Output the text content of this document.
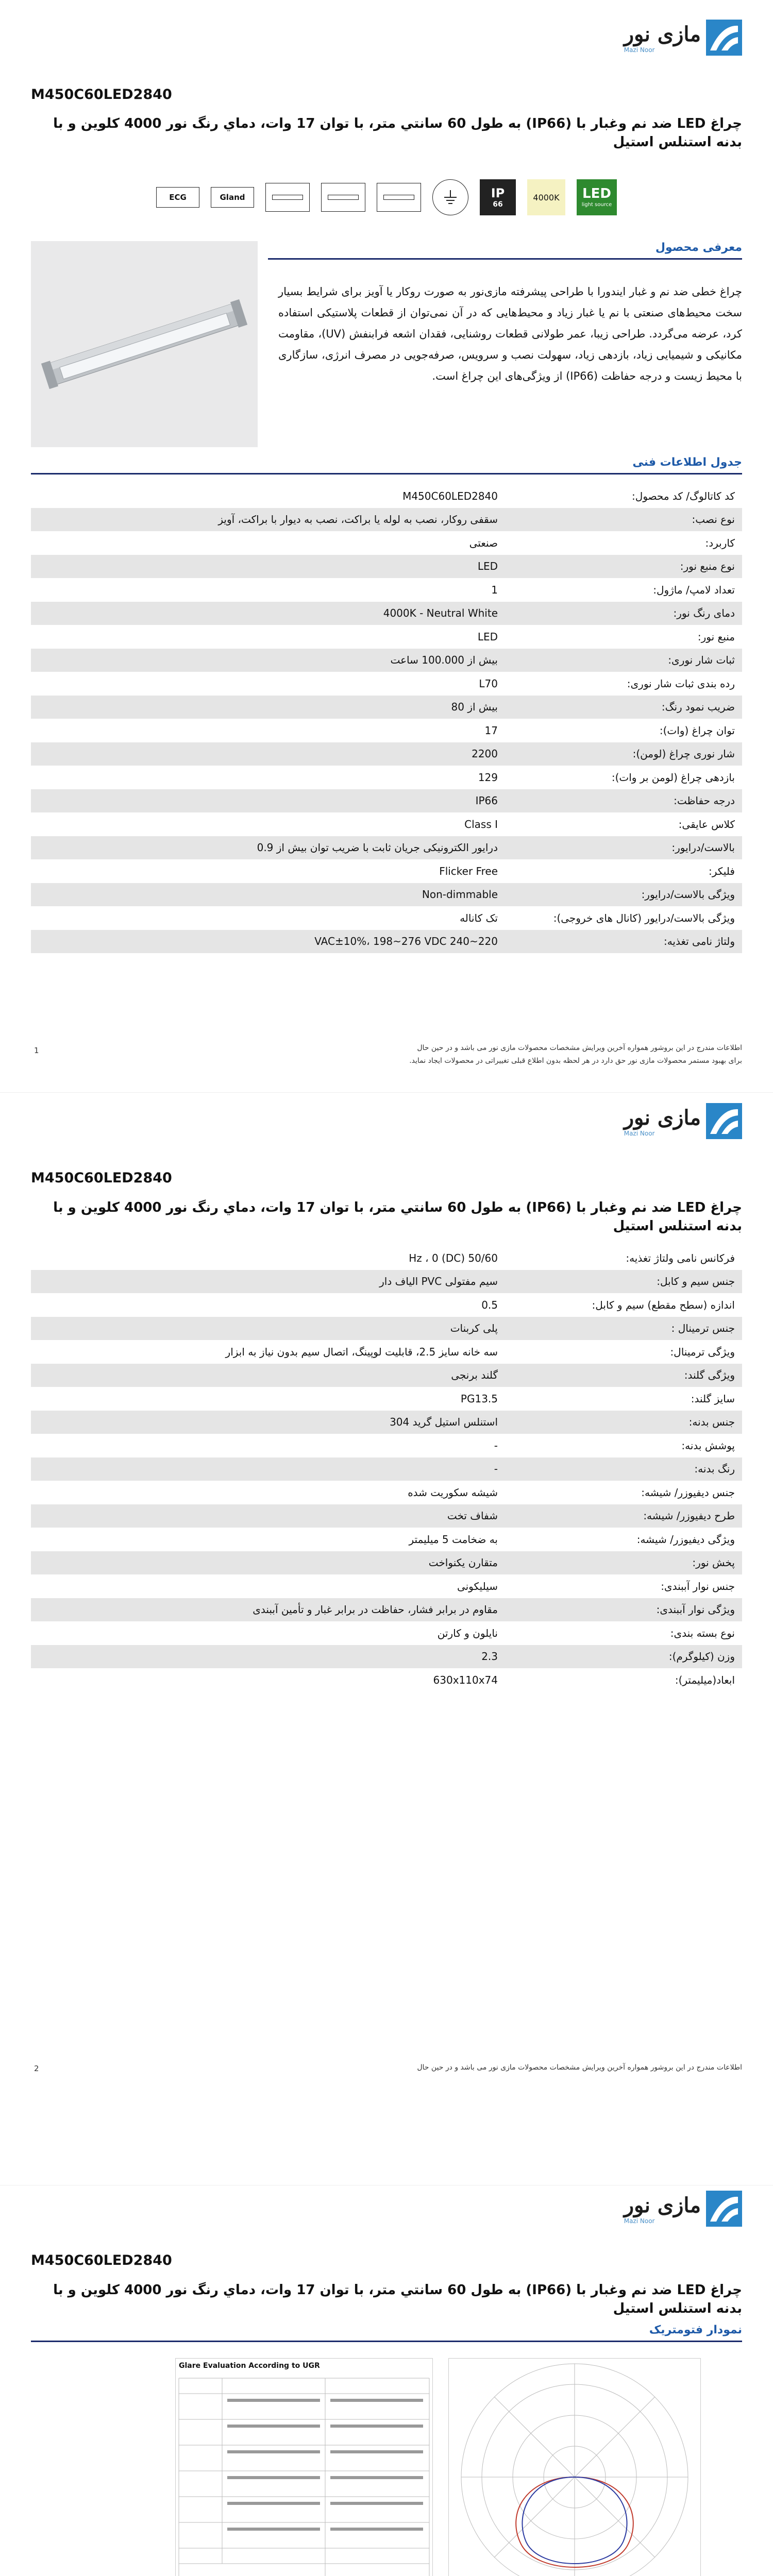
مازی نور
Mazi Noor
M450C60LED2840
چراغ LED ضد نم وغبار با (IP66) به طول 60 سانتي متر، با توان 17 وات، دماي رنگ نور 4000 کلوین و با بدنه استنلس استیل
ECG	Gland	IP
66
4000K LED
light source
معرفی محصول
چراغ خطی ضد نم و غبار ایندورا با طراحی پیشرفته مازی‌نور به صورت روکار یا آویز برای شرایط بسیار سخت محیط‌های صنعتی با نم یا غبار زیاد و محیط‌هایی که در آن نمی‌توان از قطعات پلاستیکی استفاده کرد، عرضه می‌گردد. طراحی زیبا، عمر طولانی قطعات روشنایی، فقدان اشعه فرابنفش (UV)، مقاومت مکانیکی و شیمیایی زیاد، بازدهی زیاد، سهولت نصب و سرویس، صرفه‌جویی در مصرف انرژی، سازگاری با محیط زیست و درجه حفاظت (IP66) از ویژگی‌های این چراغ است.
جدول اطلاعات فنی
کد کاتالوگ/ کد محصول:	M450C60LED2840
نوع نصب:	سقفی روکار، نصب به لوله یا براکت، نصب به دیوار با براکت، آویز
کاربرد:	صنعتی
نوع منبع نور:	LED
تعداد لامپ/ ماژول:	1
دمای رنگ نور:	4000K - Neutral White
منبع نور:	LED
ثبات شار نوری:	بیش از 100.000 ساعت
رده بندی ثبات شار نوری:	L70
ضریب نمود رنگ:	بیش از 80
توان چراغ (وات):	17
شار نوری چراغ (لومن):	2200
بازدهی چراغ (لومن بر وات):	129
درجه حفاظت:	IP66
کلاس عایقی:	Class I
بالاست/درایور:	درایور الکترونیکی جریان ثابت با ضریب توان بیش از 0.9
فلیکر:	Flicker Free
ویژگی بالاست/درایور:	Non-dimmable
ویژگی بالاست/درایور (کانال های خروجی):	تک کاناله
ولتاژ نامی تغذیه:	220~240 VAC±10%، 198~276 VDC
1	اطلاعات مندرج در این بروشور همواره آخرین ویرایش مشخصات محصولات مازی نور می باشد و در حین حال
برای بهبود مستمر محصولات مازی نور حق دارد در هر لحظه بدون اطلاع قبلی تغییراتی در محصولات ایجاد نماید.
مازی نور
Mazi Noor
M450C60LED2840
چراغ LED ضد نم وغبار با (IP66) به طول 60 سانتي متر، با توان 17 وات، دماي رنگ نور 4000 کلوین و با بدنه استنلس استیل
فرکانس نامی ولتاژ تغذیه:	50/60 Hz ، 0 (DC)
جنس سیم و کابل:	سیم مفتولی PVC الیاف دار
اندازه (سطح مقطع) سیم و کابل:	0.5
جنس ترمینال :	پلی کربنات
ویژگی ترمینال:	سه خانه سایز 2.5، قابلیت لوپینگ، اتصال سیم بدون نیاز به ابزار
ویژگی گلند:	گلند برنجی
سایز گلند:	PG13.5
جنس بدنه:	استنلس استیل گرید 304
پوشش بدنه:	-
رنگ بدنه:	-
جنس دیفیوزر/ شیشه:	شیشه سکوریت شده
طرح دیفیوزر/ شیشه:	شفاف تخت
ویژگی دیفیوزر/ شیشه:	به ضخامت 5 میلیمتر
پخش نور:	متقارن یکنواخت
جنس نوار آببندی:	سیلیکونی
ویژگی نوار آببندی:	مقاوم در برابر فشار، حفاظت در برابر غبار و تأمین آببندی
نوع بسته بندی:	نایلون و کارتن
وزن (کیلوگرم):	2.3
ابعاد(میلیمتر):	630x110x74
2	اطلاعات مندرج در این بروشور همواره آخرین ویرایش مشخصات محصولات مازی نور می باشد و در حین حال
مازی نور
Mazi Noor
M450C60LED2840
چراغ LED ضد نم وغبار با (IP66) به طول 60 سانتي متر، با توان 17 وات، دماي رنگ نور 4000 کلوین و با بدنه استنلس استیل
نمودار فتومتریک
Glare Evaluation According to UGR
